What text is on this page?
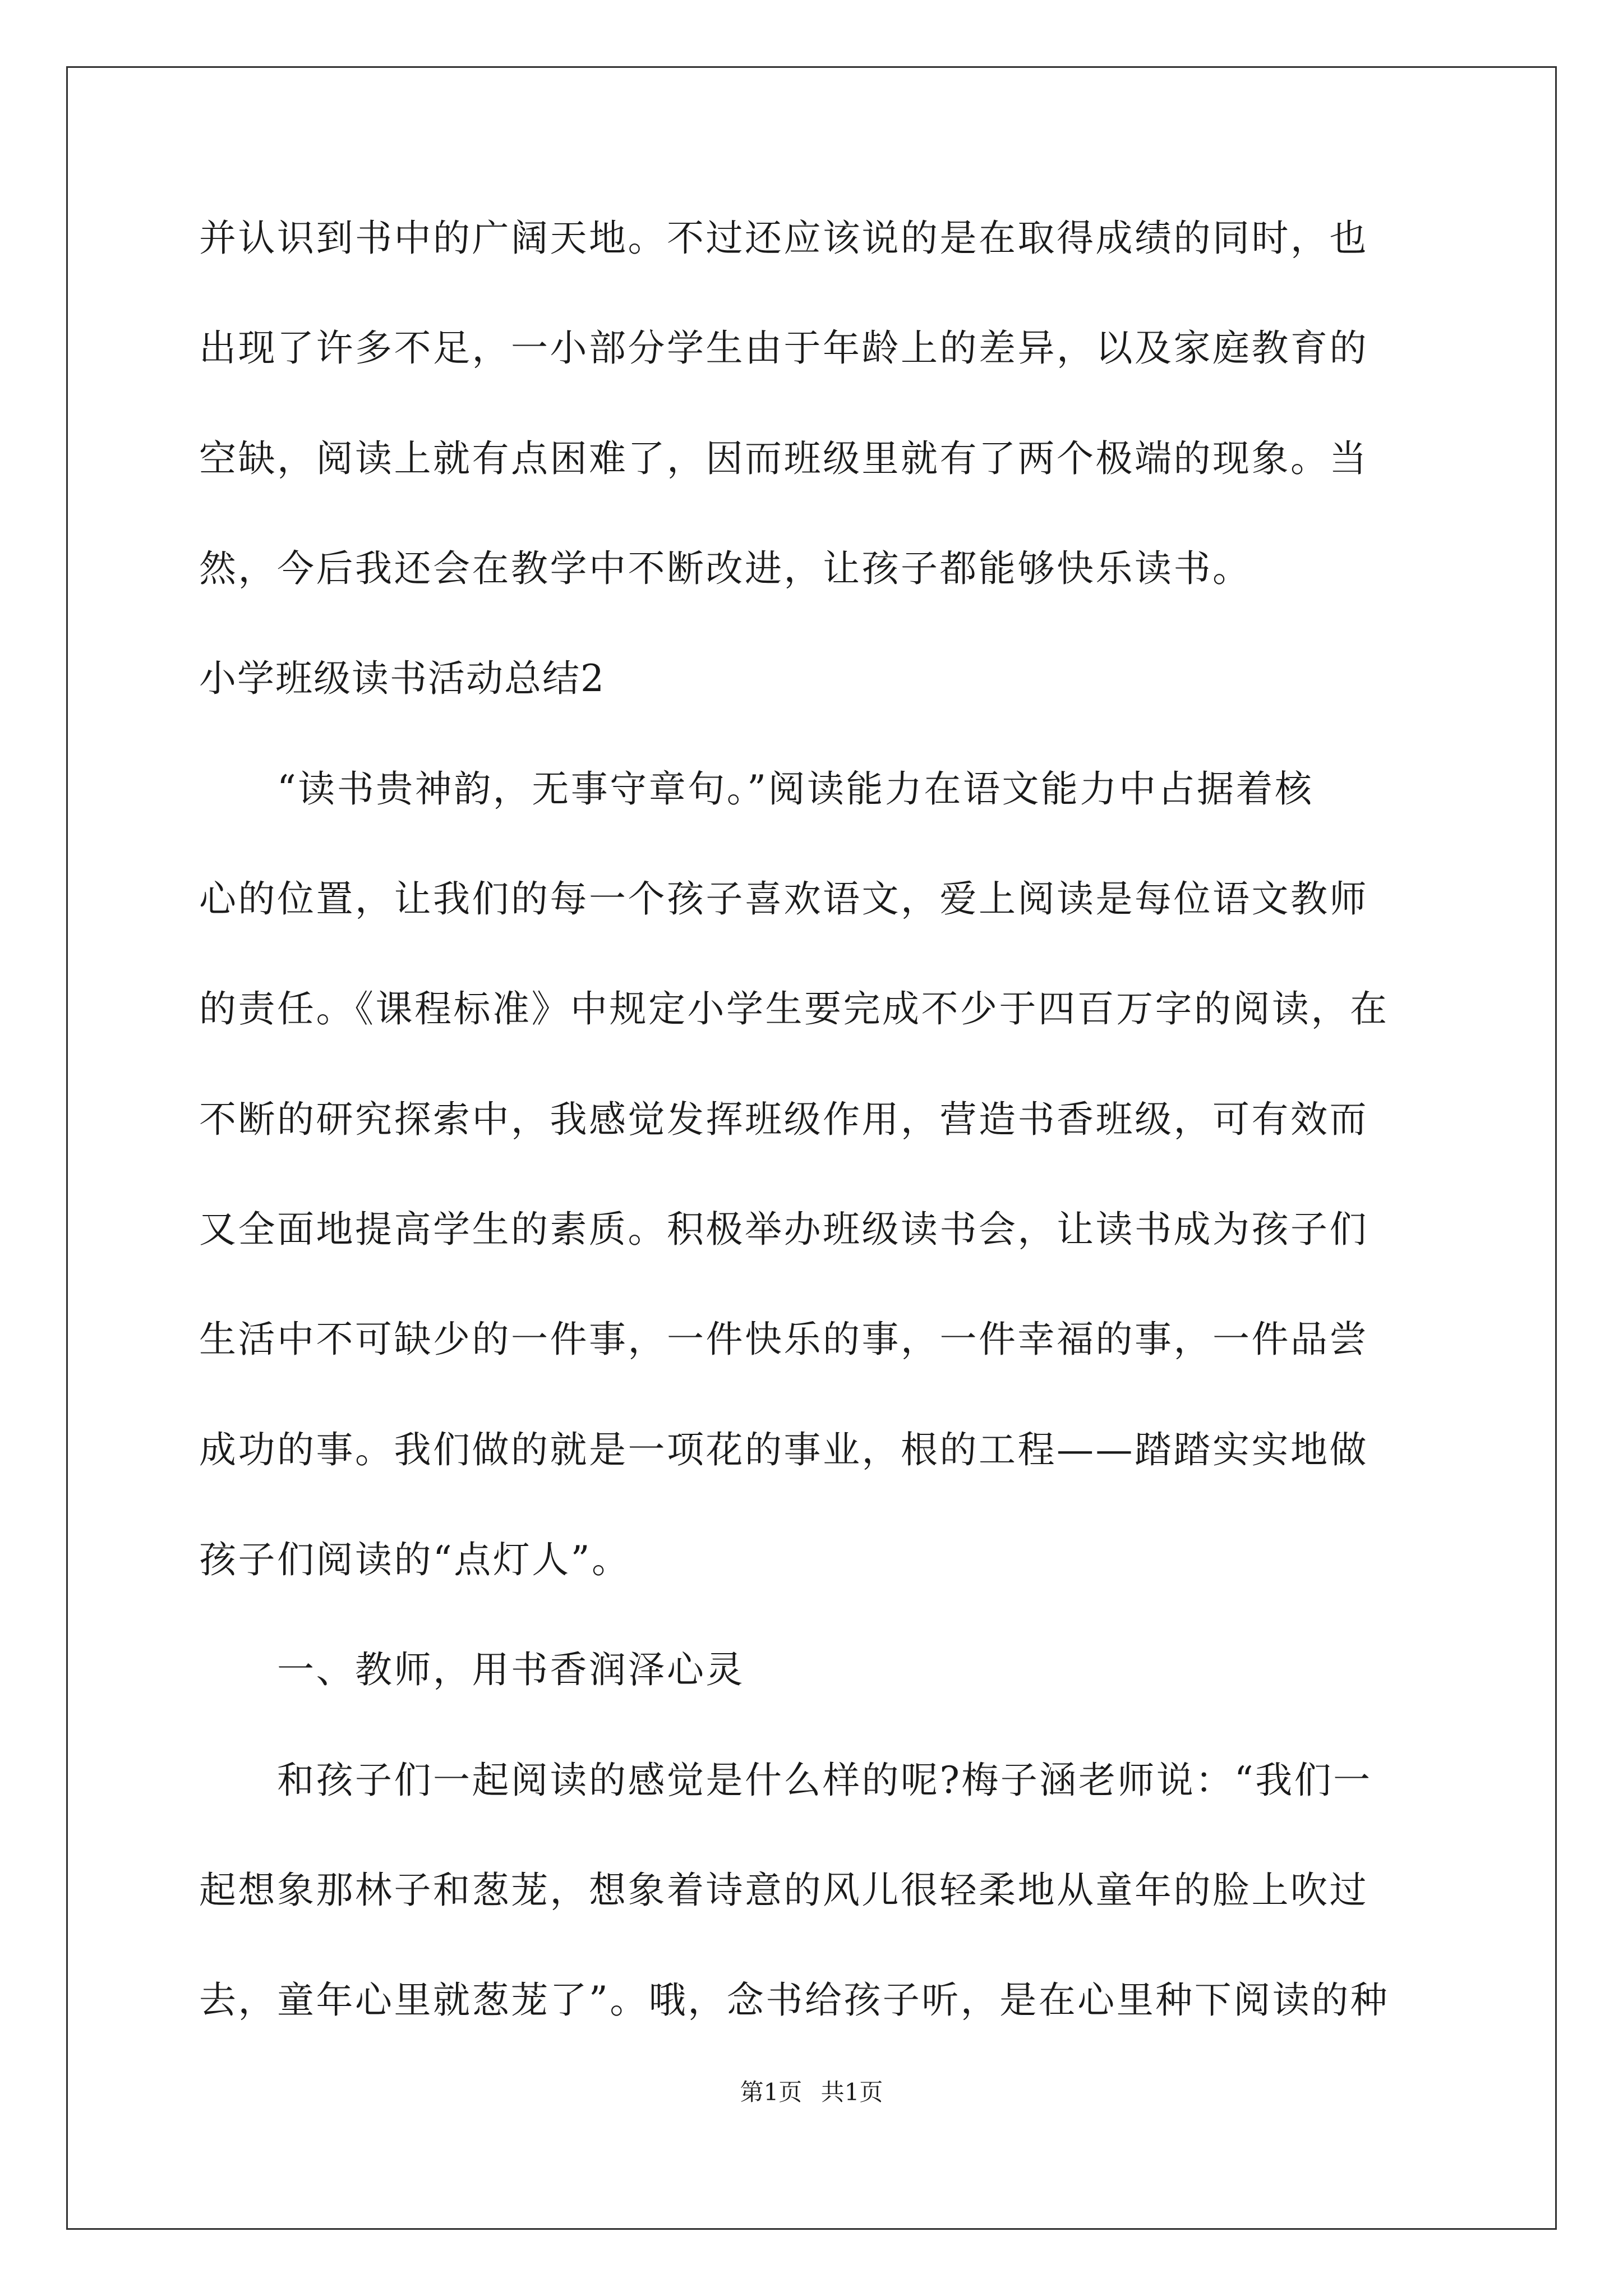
并认识到书中的广阔天地。不过还应该说的是在取得成绩的同时，也
出现了许多不足，一小部分学生由于年龄上的差异，以及家庭教育的
空缺，阅读上就有点困难了，因而班级里就有了两个极端的现象。当
然，今后我还会在教学中不断改进，让孩子都能够快乐读书。
小学班级读书活动总结2
　　“读书贵神韵，无事守章句。”阅读能力在语文能力中占据着核
心的位置，让我们的每一个孩子喜欢语文，爱上阅读是每位语文教师
的责任。《课程标准》中规定小学生要完成不少于四百万字的阅读，在
不断的研究探索中，我感觉发挥班级作用，营造书香班级，可有效而
又全面地提高学生的素质。积极举办班级读书会，让读书成为孩子们
生活中不可缺少的一件事，一件快乐的事，一件幸福的事，一件品尝
成功的事。我们做的就是一项花的事业，根的工程——踏踏实实地做
孩子们阅读的“点灯人”。
　　一、教师，用书香润泽心灵
　　和孩子们一起阅读的感觉是什么样的呢?梅子涵老师说：“我们一
起想象那林子和葱茏，想象着诗意的风儿很轻柔地从童年的脸上吹过
去，童年心里就葱茏了”。哦，念书给孩子听，是在心里种下阅读的种
第1页 共1页
